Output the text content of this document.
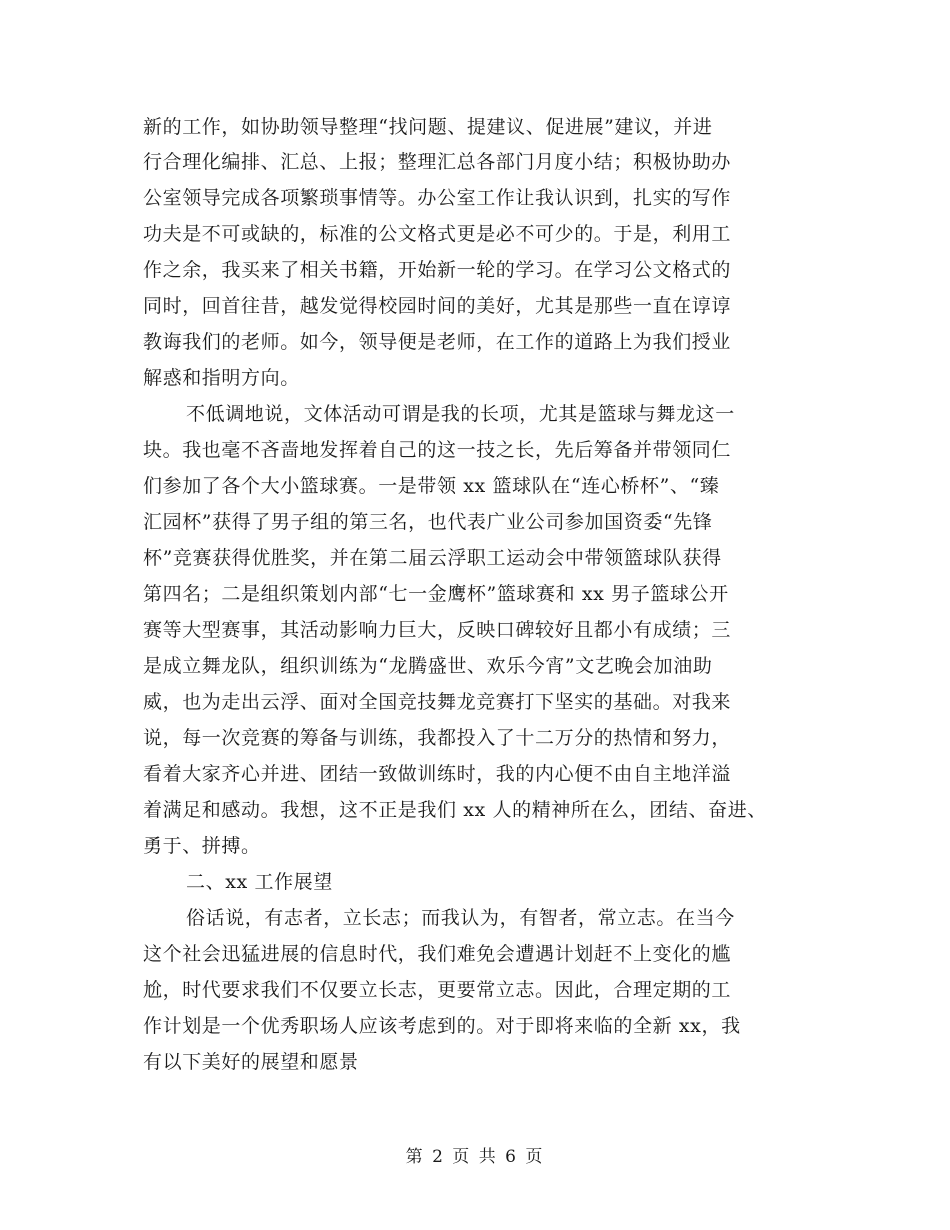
新的工作，如协助领导整理“找问题、提建议、促进展”建议，并进
行合理化编排、汇总、上报；整理汇总各部门月度小结；积极协助办
公室领导完成各项繁琐事情等。办公室工作让我认识到，扎实的写作
功夫是不可或缺的，标准的公文格式更是必不可少的。于是，利用工
作之余，我买来了相关书籍，开始新一轮的学习。在学习公文格式的
同时，回首往昔，越发觉得校园时间的美好，尤其是那些一直在谆谆
教诲我们的老师。如今，领导便是老师，在工作的道路上为我们授业
解惑和指明方向。
不低调地说，文体活动可谓是我的长项，尤其是篮球与舞龙这一
块。我也毫不吝啬地发挥着自己的这一技之长，先后筹备并带领同仁
们参加了各个大小篮球赛。一是带领 xx 篮球队在“连心桥杯”、“臻
汇园杯”获得了男子组的第三名，也代表广业公司参加国资委“先锋
杯”竞赛获得优胜奖，并在第二届云浮职工运动会中带领篮球队获得
第四名；二是组织策划内部“七一金鹰杯”篮球赛和 xx 男子篮球公开
赛等大型赛事，其活动影响力巨大，反映口碑较好且都小有成绩；三
是成立舞龙队，组织训练为“龙腾盛世、欢乐今宵”文艺晚会加油助
威，也为走出云浮、面对全国竞技舞龙竞赛打下坚实的基础。对我来
说，每一次竞赛的筹备与训练，我都投入了十二万分的热情和努力，
看着大家齐心并进、团结一致做训练时，我的内心便不由自主地洋溢
着满足和感动。我想，这不正是我们 xx 人的精神所在么，团结、奋进、
勇于、拼搏。
二、xx 工作展望
俗话说，有志者，立长志；而我认为，有智者，常立志。在当今
这个社会迅猛进展的信息时代，我们难免会遭遇计划赶不上变化的尴
尬，时代要求我们不仅要立长志，更要常立志。因此，合理定期的工
作计划是一个优秀职场人应该考虑到的。对于即将来临的全新 xx，我
有以下美好的展望和愿景
第 2 页 共 6 页
